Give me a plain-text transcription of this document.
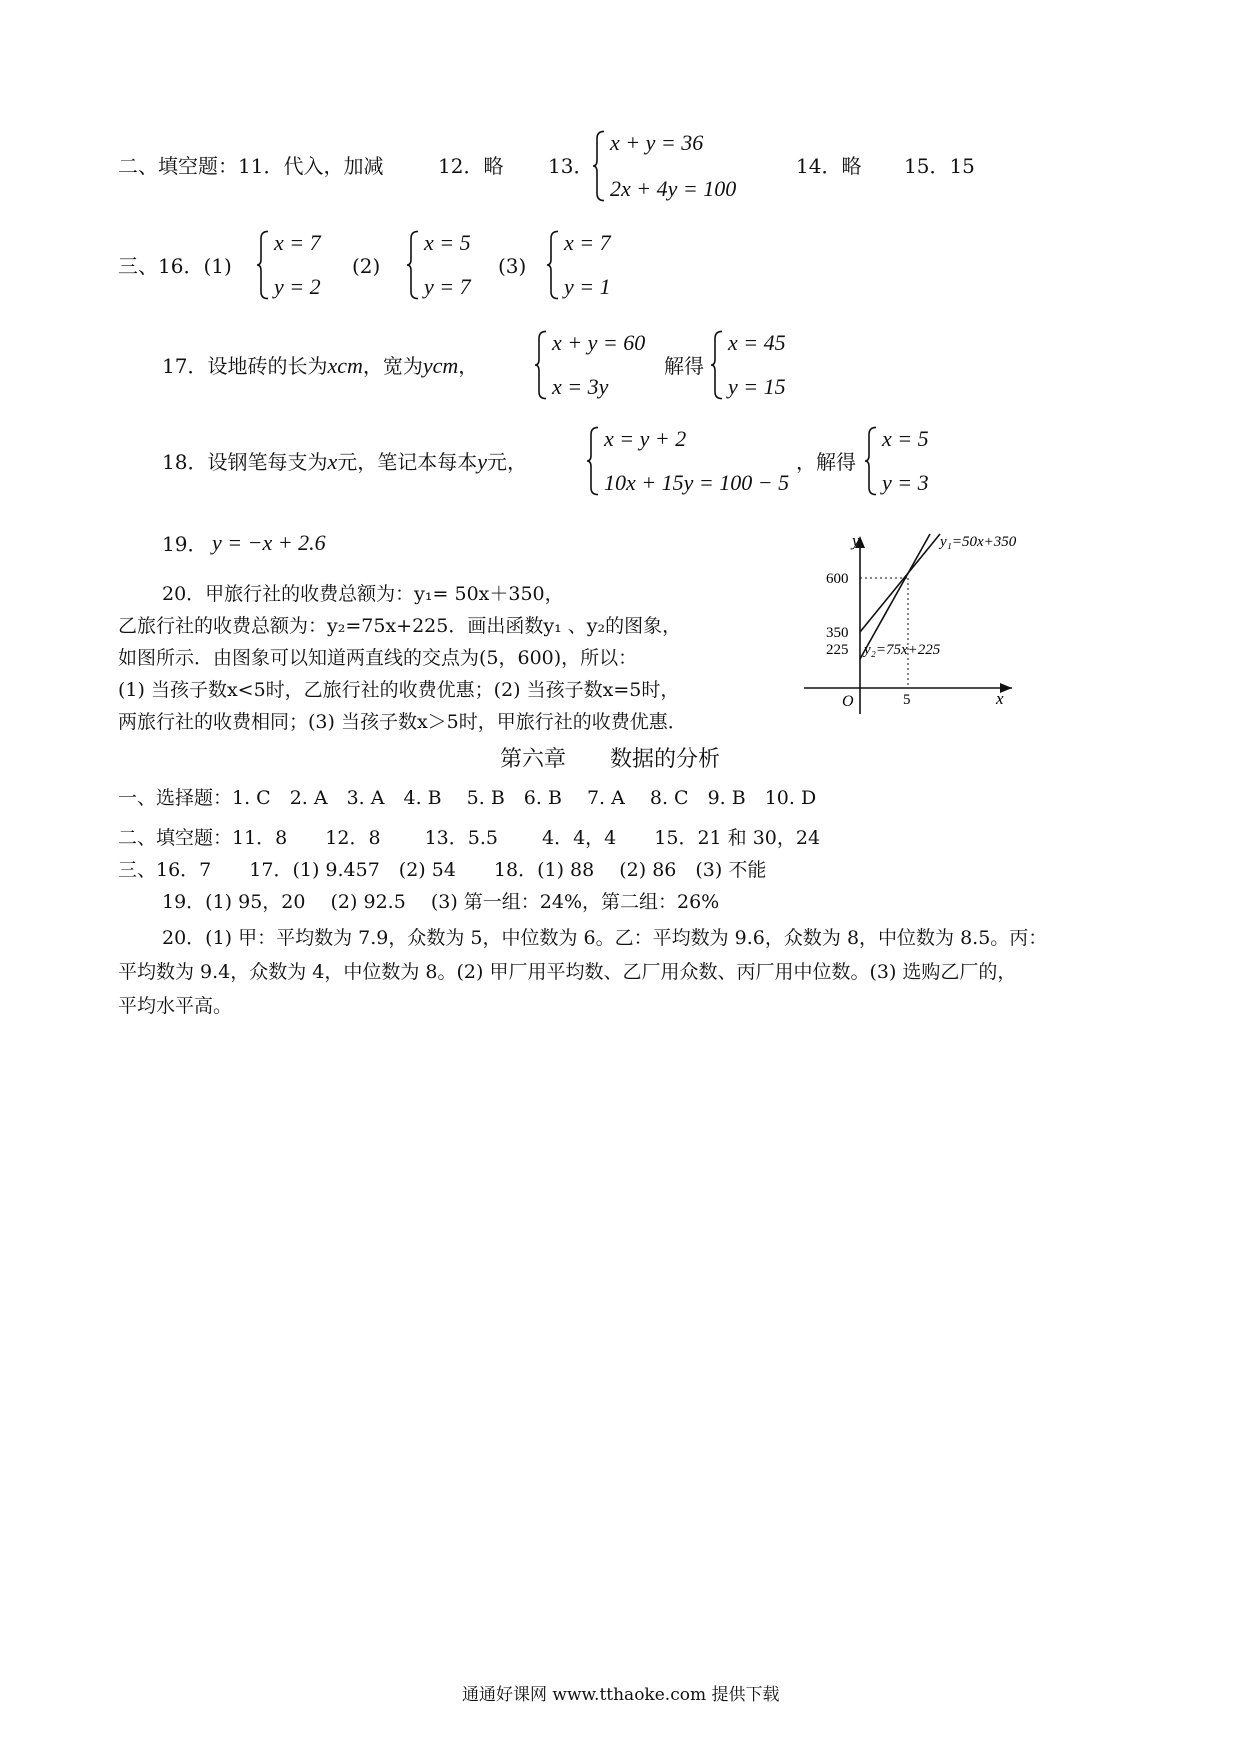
二、填空题：11．代入，加减	12．略 13．
x + y = 36
2x + 4y = 100
14．略 15．15
三、16．(1)
x = 7
y = 2
(2)
x = 5
y = 7
(3)
x = 7
y = 1
17．设地砖的长为xcm，宽为ycm，
x + y = 60
x = 3y
解得
x = 45
y = 15
18．设钢笔每支为x元，笔记本每本y元，
x = y + 2
10x + 15y = 100 − 5
，解得
x = 5
y = 3
19． y = −x + 2.6
20．甲旅行社的收费总额为：y₁= 50x＋350，
乙旅行社的收费总额为：y₂=75x+225．画出函数y₁ 、y₂的图象，
如图所示．由图象可以知道两直线的交点为(5，600)，所以：
(1) 当孩子数x<5时，乙旅行社的收费优惠；(2) 当孩子数x=5时，
两旅行社的收费相同；(3) 当孩子数x＞5时，甲旅行社的收费优惠．
y
x
O	5
600
350
225
y₁=50x+350
y₂=75x+225
第六章　　数据的分析
一、选择题：1. C　2. A　3. A　4. B　 5. B　6. B　 7. A　 8. C　9. B　10. D
二、填空题：11．8　　12．8　　 13．5.5　　 4．4，4　　15．21 和 30，24
三、16．7　　17．(1) 9.457　(2) 54　　18．(1) 88　 (2) 86　(3) 不能
19．(1) 95，20　 (2) 92.5　 (3) 第一组：24%，第二组：26%
20．(1) 甲：平均数为 7.9，众数为 5，中位数为 6。乙：平均数为 9.6，众数为 8，中位数为 8.5。丙：
平均数为 9.4，众数为 4，中位数为 8。(2) 甲厂用平均数、乙厂用众数、丙厂用中位数。(3) 选购乙厂的，
平均水平高。
通通好课网 www.tthaoke.com 提供下载
